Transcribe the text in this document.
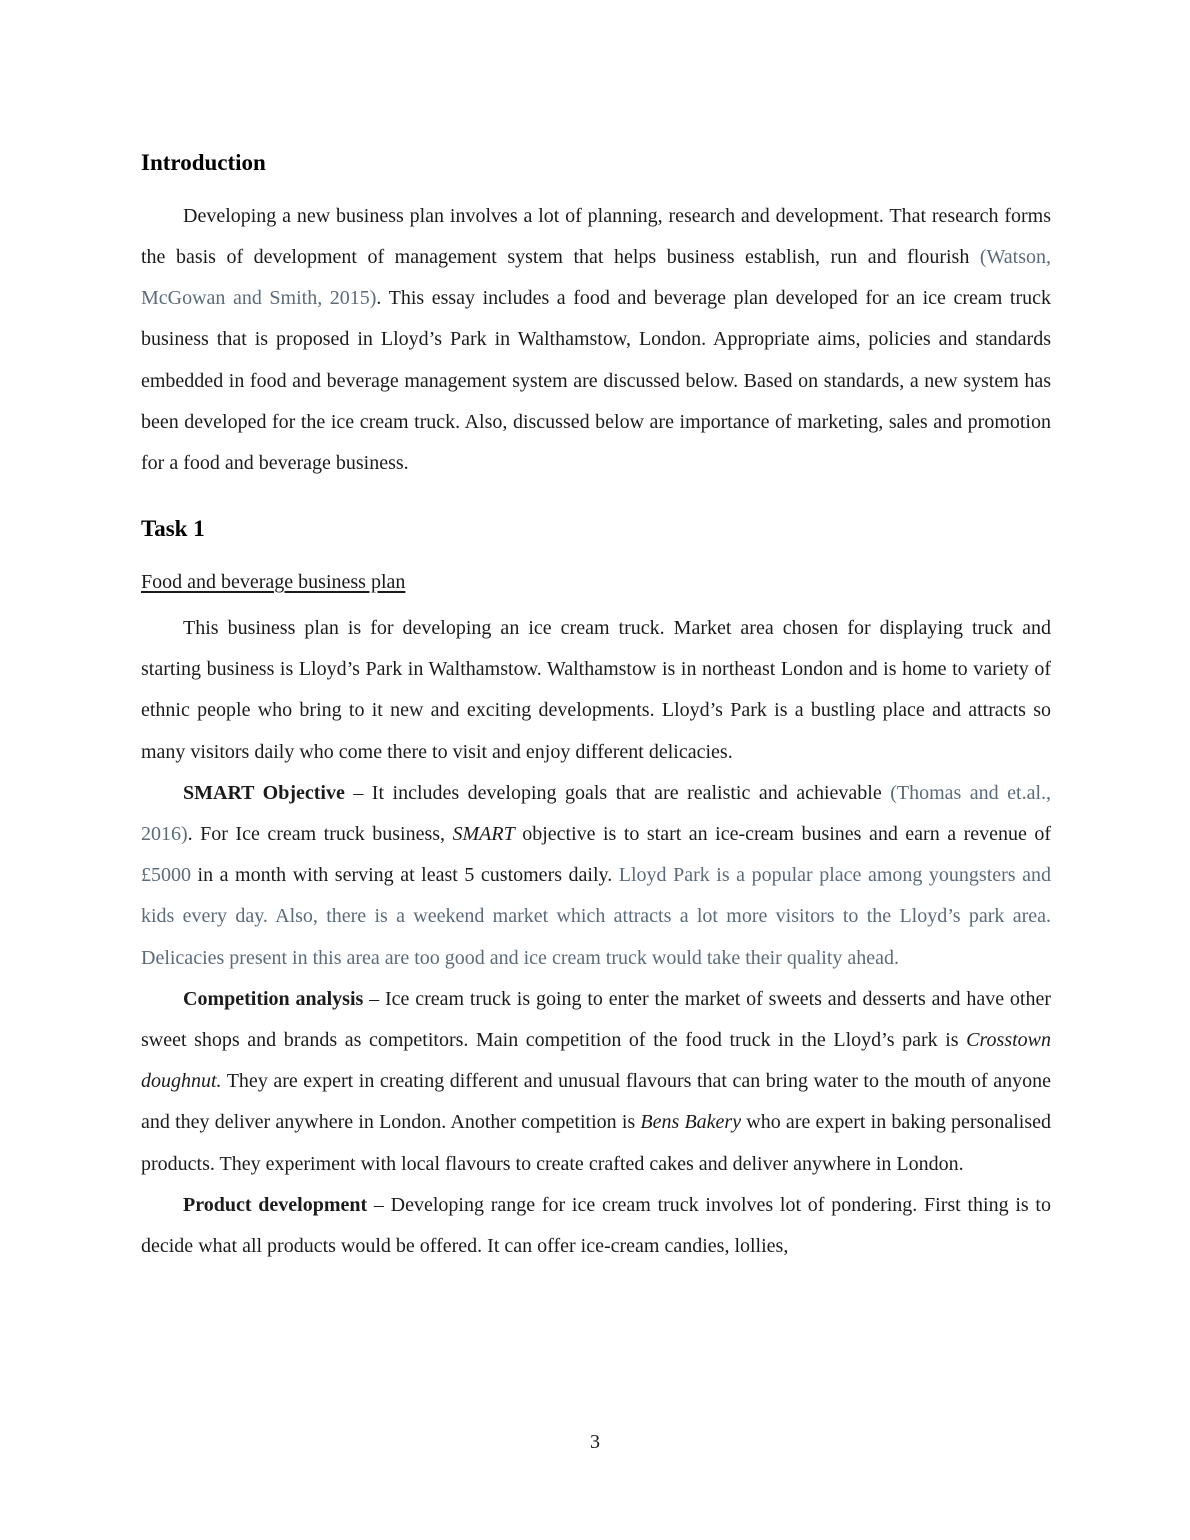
Introduction

Developing a new business plan involves a lot of planning, research and development. That research forms the basis of development of management system that helps business establish, run and flourish (Watson, McGowan and Smith, 2015). This essay includes a food and beverage plan developed for an ice cream truck business that is proposed in Lloyd’s Park in Walthamstow, London. Appropriate aims, policies and standards embedded in food and beverage management system are discussed below. Based on standards, a new system has been developed for the ice cream truck. Also, discussed below are importance of marketing, sales and promotion for a food and beverage business.

Task 1
Food and beverage business plan

This business plan is for developing an ice cream truck. Market area chosen for displaying truck and starting business is Lloyd’s Park in Walthamstow. Walthamstow is in northeast London and is home to variety of ethnic people who bring to it new and exciting developments. Lloyd’s Park is a bustling place and attracts so many visitors daily who come there to visit and enjoy different delicacies.

SMART Objective – It includes developing goals that are realistic and achievable (Thomas and et.al., 2016). For Ice cream truck business, SMART objective is to start an ice-cream busines and earn a revenue of £5000 in a month with serving at least 5 customers daily. Lloyd Park is a popular place among youngsters and kids every day. Also, there is a weekend market which attracts a lot more visitors to the Lloyd’s park area. Delicacies present in this area are too good and ice cream truck would take their quality ahead.

Competition analysis – Ice cream truck is going to enter the market of sweets and desserts and have other sweet shops and brands as competitors. Main competition of the food truck in the Lloyd’s park is Crosstown doughnut. They are expert in creating different and unusual flavours that can bring water to the mouth of anyone and they deliver anywhere in London. Another competition is Bens Bakery who are expert in baking personalised products. They experiment with local flavours to create crafted cakes and deliver anywhere in London.

Product development – Developing range for ice cream truck involves lot of pondering. First thing is to decide what all products would be offered. It can offer ice-cream candies, lollies,

3
